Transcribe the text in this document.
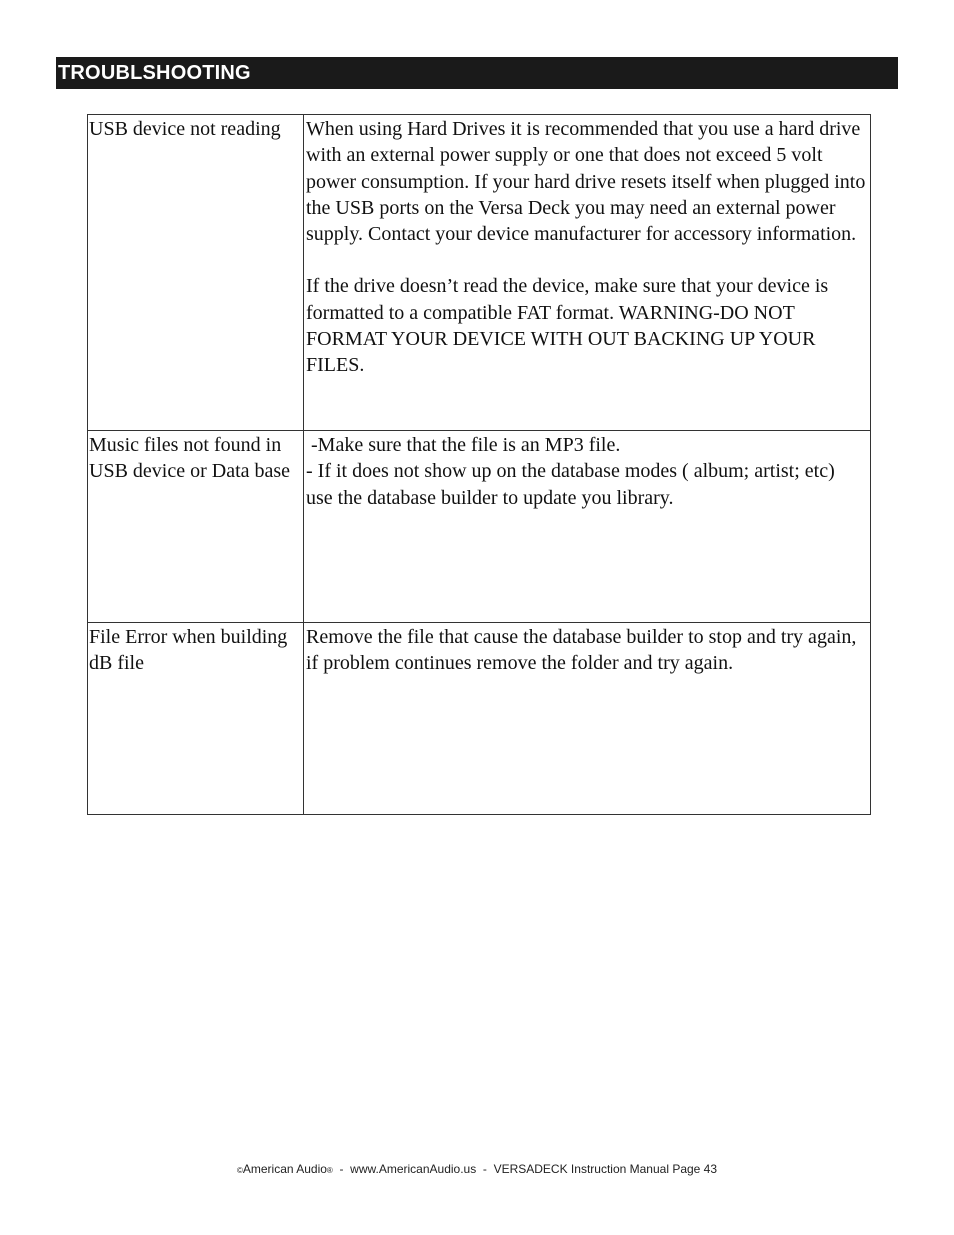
TROUBLSHOOTING
USB device not reading	When using Hard Drives it is recommended that you use a hard drive with an external power supply or one that does not exceed 5 volt power consumption. If your hard drive resets itself when plugged into the USB ports on the Versa Deck you may need an external power supply. Contact your device manufacturer for accessory information.
If the drive doesn’t read the device, make sure that your device is formatted to a compatible FAT format. WARNING-DO NOT FORMAT YOUR DEVICE WITH OUT BACKING UP YOUR FILES.

Music files not found in USB device or Data base	-Make sure that the file is an MP3 file.
- If it does not show up on the database modes ( album; artist; etc) use the database builder to update you library.

File Error when building dB file	Remove the file that cause the database builder to stop and try again, if problem continues remove the folder and try again.
©American Audio®  -  www.AmericanAudio.us  -  VERSADECK Instruction Manual Page 43
